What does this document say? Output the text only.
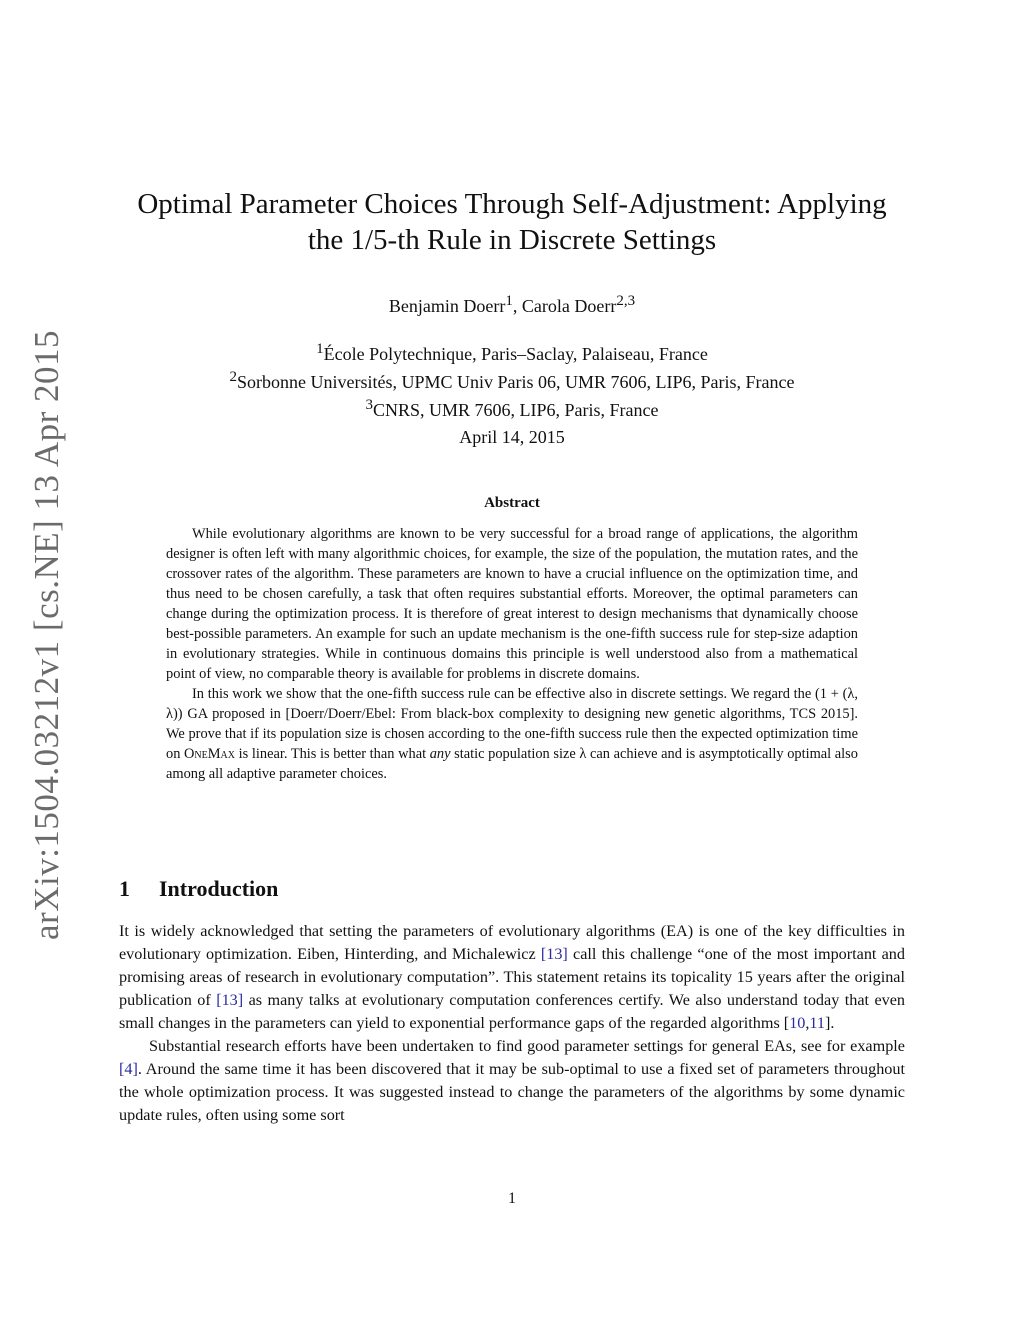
arXiv:1504.03212v1 [cs.NE] 13 Apr 2015
Optimal Parameter Choices Through Self-Adjustment: Applying
the 1/5-th Rule in Discrete Settings
Benjamin Doerr$^1$, Carola Doerr$^{2,3}$
$^1$École Polytechnique, Paris–Saclay, Palaiseau, France
$^2$Sorbonne Universités, UPMC Univ Paris 06, UMR 7606, LIP6, Paris, France
$^3$CNRS, UMR 7606, LIP6, Paris, France
April 14, 2015
Abstract

While evolutionary algorithms are known to be very successful for a broad range of applications, the algorithm designer is often left with many algorithmic choices, for example, the size of the population, the mutation rates, and the crossover rates of the algorithm. These parameters are known to have a crucial influence on the optimization time, and thus need to be chosen carefully, a task that often requires substantial efforts. Moreover, the optimal parameters can change during the optimization process. It is therefore of great interest to design mechanisms that dynamically choose best-possible parameters. An example for such an update mechanism is the one-fifth success rule for step-size adaption in evolutionary strategies. While in continuous domains this principle is well understood also from a mathematical point of view, no comparable theory is available for problems in discrete domains.

In this work we show that the one-fifth success rule can be effective also in discrete settings. We regard the (1 + (λ, λ)) GA proposed in [Doerr/Doerr/Ebel: From black-box complexity to designing new genetic algorithms, TCS 2015]. We prove that if its population size is chosen according to the one-fifth success rule then the expected optimization time on OneMax is linear. This is better than what any static population size λ can achieve and is asymptotically optimal also among all adaptive parameter choices.

1 Introduction

It is widely acknowledged that setting the parameters of evolutionary algorithms (EA) is one of the key difficulties in evolutionary optimization. Eiben, Hinterding, and Michalewicz [13] call this challenge “one of the most important and promising areas of research in evolutionary computation”. This statement retains its topicality 15 years after the original publication of [13] as many talks at evolutionary computation conferences certify. We also understand today that even small changes in the parameters can yield to exponential performance gaps of the regarded algorithms [10,11].

Substantial research efforts have been undertaken to find good parameter settings for general EAs, see for example [4]. Around the same time it has been discovered that it may be sub-optimal to use a fixed set of parameters throughout the whole optimization process. It was suggested instead to change the parameters of the algorithms by some dynamic update rules, often using some sort

1
